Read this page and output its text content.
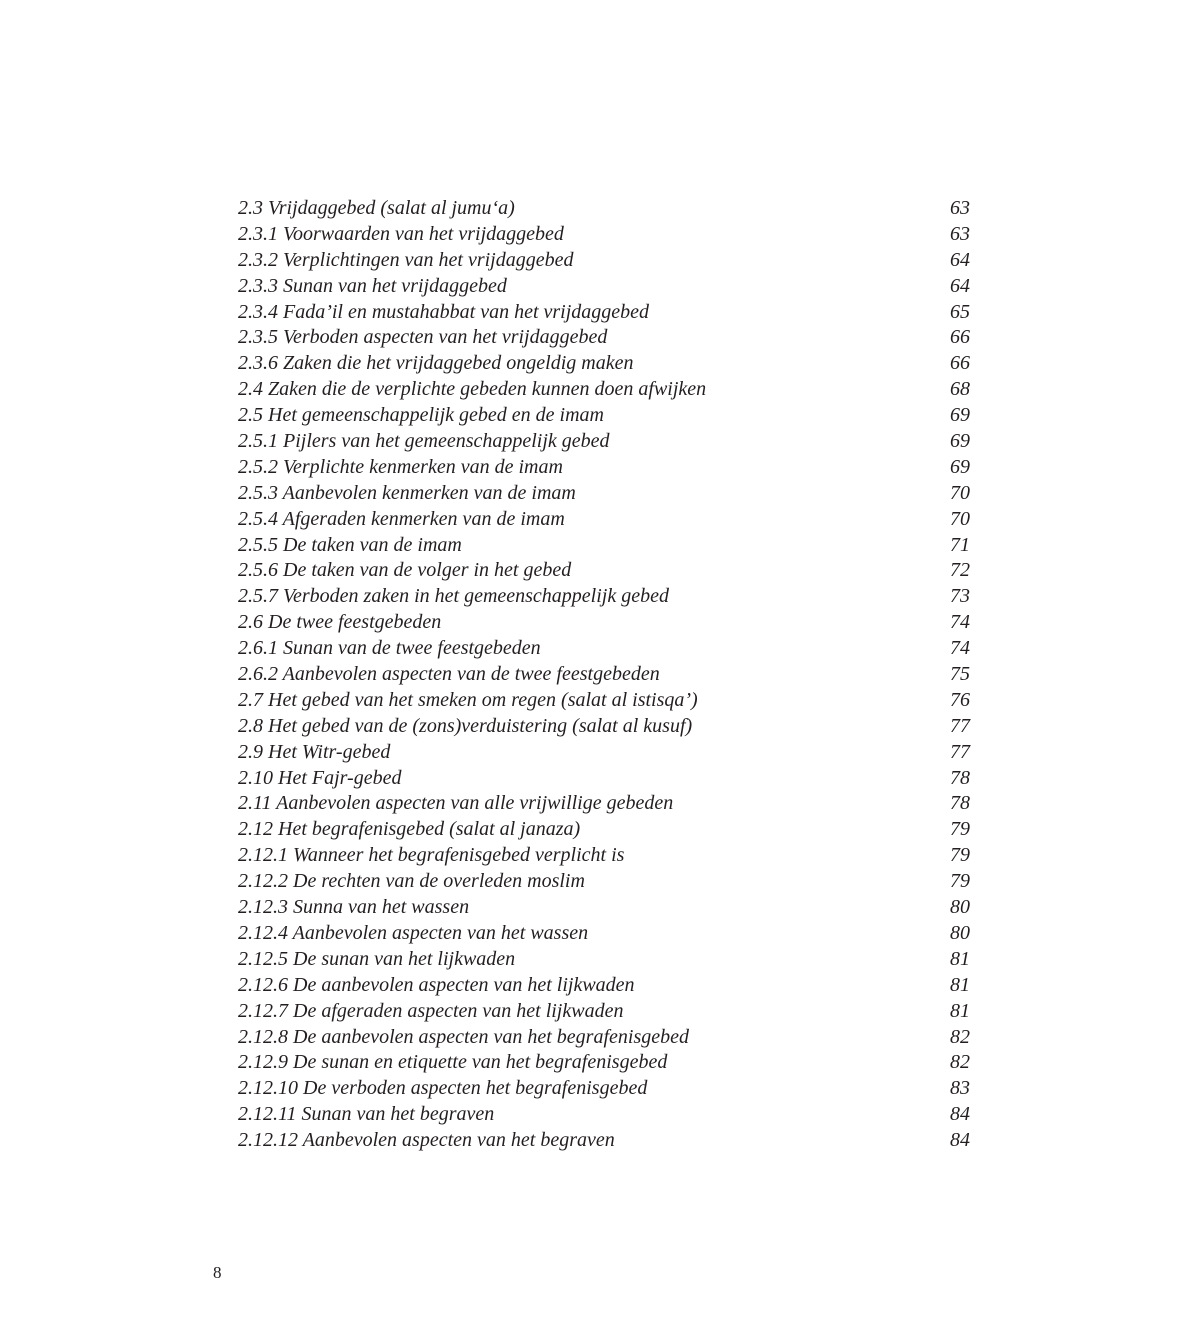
2.3 Vrijdaggebed (salat al jumu‘a)	63
2.3.1 Voorwaarden van het vrijdaggebed	63
2.3.2 Verplichtingen van het vrijdaggebed	64
2.3.3 Sunan van het vrijdaggebed	64
2.3.4 Fada’il en mustahabbat van het vrijdaggebed	65
2.3.5 Verboden aspecten van het vrijdaggebed	66
2.3.6 Zaken die het vrijdaggebed ongeldig maken	66
2.4 Zaken die de verplichte gebeden kunnen doen afwijken	68
2.5 Het gemeenschappelijk gebed en de imam	69
2.5.1 Pijlers van het gemeenschappelijk gebed	69
2.5.2 Verplichte kenmerken van de imam	69
2.5.3 Aanbevolen kenmerken van de imam	70
2.5.4 Afgeraden kenmerken van de imam	70
2.5.5 De taken van de imam	71
2.5.6 De taken van de volger in het gebed	72
2.5.7 Verboden zaken in het gemeenschappelijk gebed	73
2.6 De twee feestgebeden	74
2.6.1 Sunan van de twee feestgebeden	74
2.6.2 Aanbevolen aspecten van de twee feestgebeden	75
2.7 Het gebed van het smeken om regen (salat al istisqa’)	76
2.8 Het gebed van de (zons)verduistering (salat al kusuf)	77
2.9 Het Witr-gebed	77
2.10 Het Fajr-gebed	78
2.11 Aanbevolen aspecten van alle vrijwillige gebeden	78
2.12 Het begrafenisgebed (salat al janaza)	79
2.12.1 Wanneer het begrafenisgebed verplicht is	79
2.12.2 De rechten van de overleden moslim	79
2.12.3 Sunna van het wassen	80
2.12.4 Aanbevolen aspecten van het wassen	80
2.12.5 De sunan van het lijkwaden	81
2.12.6 De aanbevolen aspecten van het lijkwaden	81
2.12.7 De afgeraden aspecten van het lijkwaden	81
2.12.8 De aanbevolen aspecten van het begrafenisgebed	82
2.12.9 De sunan en etiquette van het begrafenisgebed	82
2.12.10 De verboden aspecten het begrafenisgebed	83
2.12.11 Sunan van het begraven	84
2.12.12 Aanbevolen aspecten van het begraven	84
8
